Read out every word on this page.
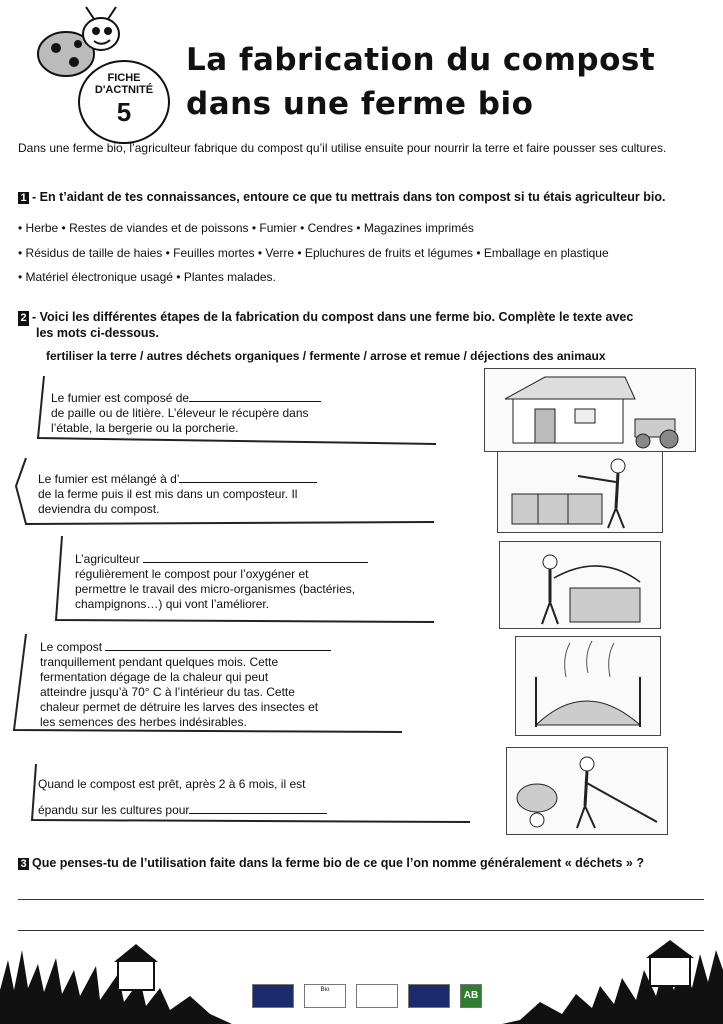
FICHE
D'ACTNITÉ
5
La fabrication du compost
dans une ferme bio
Dans une ferme bio, l’agriculteur fabrique du compost qu’il utilise ensuite pour nourrir la terre et faire pousser ses cultures.
1 - En t’aidant de tes connaissances, entoure ce que tu mettrais dans ton compost si tu étais agriculteur bio.
• Herbe • Restes de viandes et de poissons • Fumier • Cendres • Magazines imprimés
• Résidus de taille de haies • Feuilles mortes • Verre • Epluchures de fruits et légumes • Emballage en plastique
• Matériel électronique usagé • Plantes malades.
2 - Voici les différentes étapes de la fabrication du compost dans une ferme bio. Complète le texte avec
les mots ci-dessous.
fertiliser la terre / autres déchets organiques / fermente / arrose et remue / déjections des animaux
Le fumier est composé de
de paille ou de litière. L’éleveur le récupère dans
l’étable, la bergerie ou la porcherie.
Le fumier est mélangé à d’
de la ferme puis il est mis dans un composteur. Il
deviendra du compost.
L’agriculteur
régulièrement le compost pour l’oxygéner et
permettre le travail des micro-organismes (bactéries,
champignons…) qui vont l’améliorer.
Le compost
tranquillement pendant quelques mois. Cette
fermentation dégage de la chaleur qui peut
atteindre jusqu’à 70° C à l’intérieur du tas. Cette
chaleur permet de détruire les larves des insectes et
les semences des herbes indésirables.
Quand le compost est prêt, après 2 à 6 mois, il est
épandu sur les cultures pour
3 Que penses-tu de l’utilisation faite dans la ferme bio de ce que l’on nomme généralement « déchets » ?
Bio	AB
